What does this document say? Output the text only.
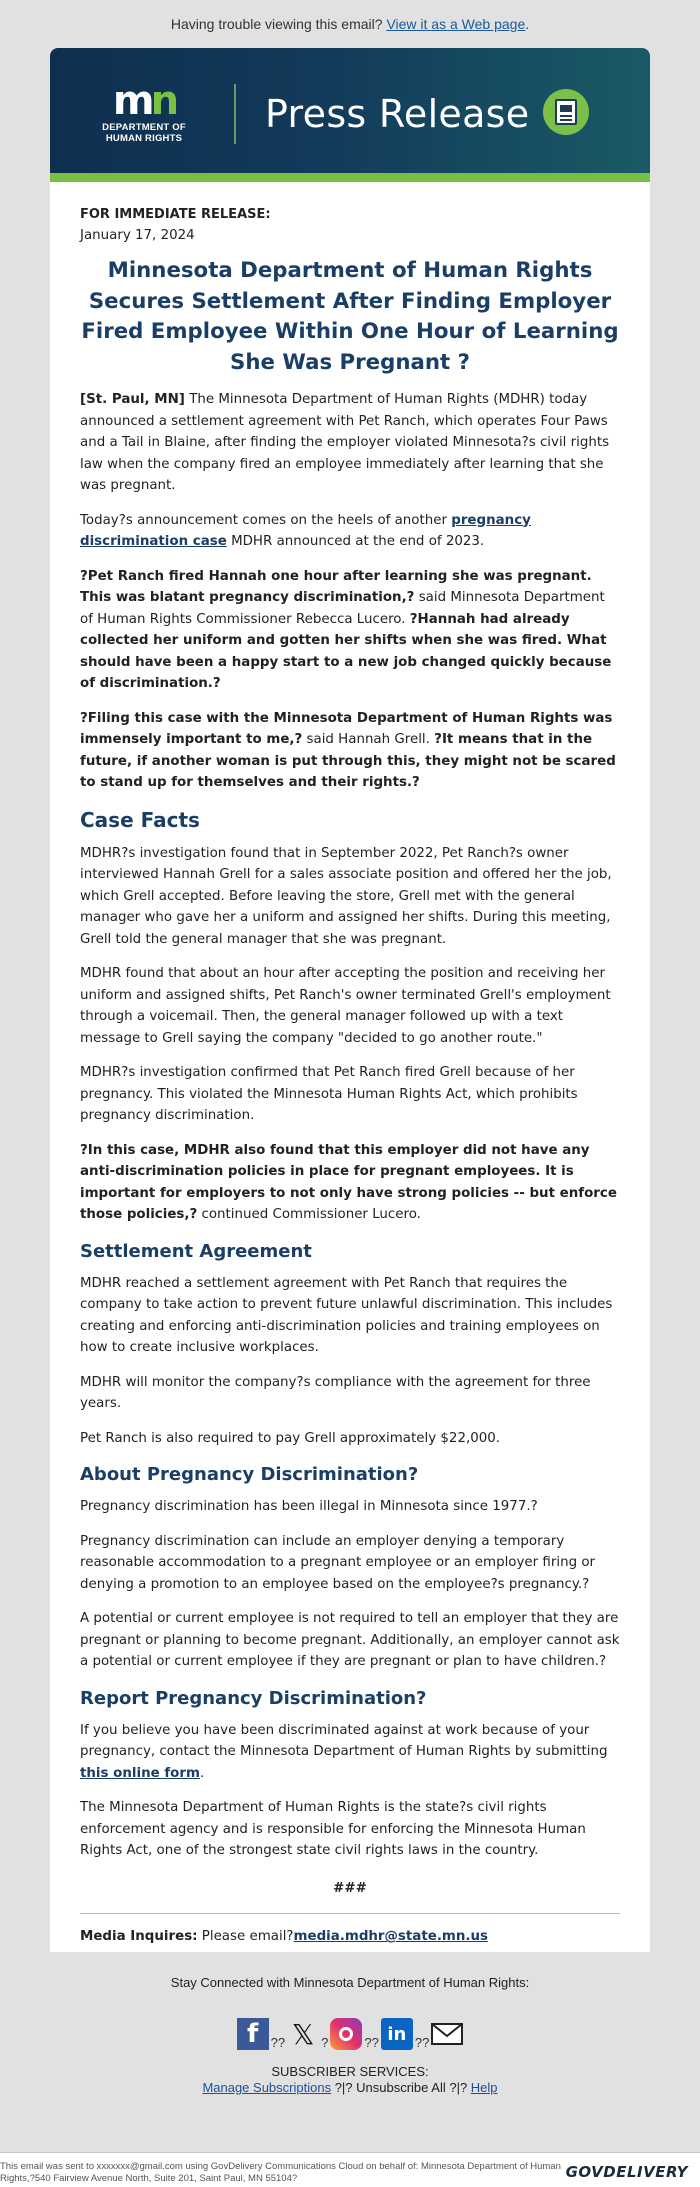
Having trouble viewing this email? View it as a Web page.
mn
DEPARTMENT OF
HUMAN RIGHTS
Press Release
FOR IMMEDIATE RELEASE:
January 17, 2024
Minnesota Department of Human Rights Secures Settlement After Finding Employer Fired Employee Within One Hour of Learning She Was Pregnant ?

[St. Paul, MN] The Minnesota Department of Human Rights (MDHR) today announced a settlement agreement with Pet Ranch, which operates Four Paws and a Tail in Blaine, after finding the employer violated Minnesota?s civil rights law when the company fired an employee immediately after learning that she was pregnant.

Today?s announcement comes on the heels of another pregnancy discrimination case MDHR announced at the end of 2023.

?Pet Ranch fired Hannah one hour after learning she was pregnant. This was blatant pregnancy discrimination,? said Minnesota Department of Human Rights Commissioner Rebecca Lucero. ?Hannah had already collected her uniform and gotten her shifts when she was fired. What should have been a happy start to a new job changed quickly because of discrimination.?

?Filing this case with the Minnesota Department of Human Rights was immensely important to me,? said Hannah Grell. ?It means that in the future, if another woman is put through this, they might not be scared to stand up for themselves and their rights.?

Case Facts

MDHR?s investigation found that in September 2022, Pet Ranch?s owner interviewed Hannah Grell for a sales associate position and offered her the job, which Grell accepted. Before leaving the store, Grell met with the general manager who gave her a uniform and assigned her shifts. During this meeting, Grell told the general manager that she was pregnant.

MDHR found that about an hour after accepting the position and receiving her uniform and assigned shifts, Pet Ranch's owner terminated Grell's employment through a voicemail. Then, the general manager followed up with a text message to Grell saying the company "decided to go another route."

MDHR?s investigation confirmed that Pet Ranch fired Grell because of her pregnancy. This violated the Minnesota Human Rights Act, which prohibits pregnancy discrimination.

?In this case, MDHR also found that this employer did not have any anti-discrimination policies in place for pregnant employees. It is important for employers to not only have strong policies -- but enforce those policies,? continued Commissioner Lucero.

Settlement Agreement

MDHR reached a settlement agreement with Pet Ranch that requires the company to take action to prevent future unlawful discrimination. This includes creating and enforcing anti-discrimination policies and training employees on how to create inclusive workplaces.

MDHR will monitor the company?s compliance with the agreement for three years.

Pet Ranch is also required to pay Grell approximately $22,000.

About Pregnancy Discrimination?

Pregnancy discrimination has been illegal in Minnesota since 1977.?

Pregnancy discrimination can include an employer denying a temporary reasonable accommodation to a pregnant employee or an employer firing or denying a promotion to an employee based on the employee?s pregnancy.?

A potential or current employee is not required to tell an employer that they are pregnant or planning to become pregnant. Additionally, an employer cannot ask a potential or current employee if they are pregnant or plan to have children.?

Report Pregnancy Discrimination?

If you believe you have been discriminated against at work because of your pregnancy, contact the Minnesota Department of Human Rights by submitting this online form.

The Minnesota Department of Human Rights is the state?s civil rights enforcement agency and is responsible for enforcing the Minnesota Human Rights Act, one of the strongest state civil rights laws in the country.

###
Media Inquires: Please email?media.mdhr@state.mn.us
Stay Connected with Minnesota Department of Human Rights:
f ?? 𝕏 ?	?? in ??
SUBSCRIBER SERVICES:
Manage Subscriptions ?|? Unsubscribe All ?|? Help
This email was sent to xxxxxxx@gmail.com using GovDelivery Communications Cloud on behalf of: Minnesota Department of Human Rights,?540 Fairview Avenue North, Suite 201, Saint Paul, MN 55104?	GOVDELIVERY
